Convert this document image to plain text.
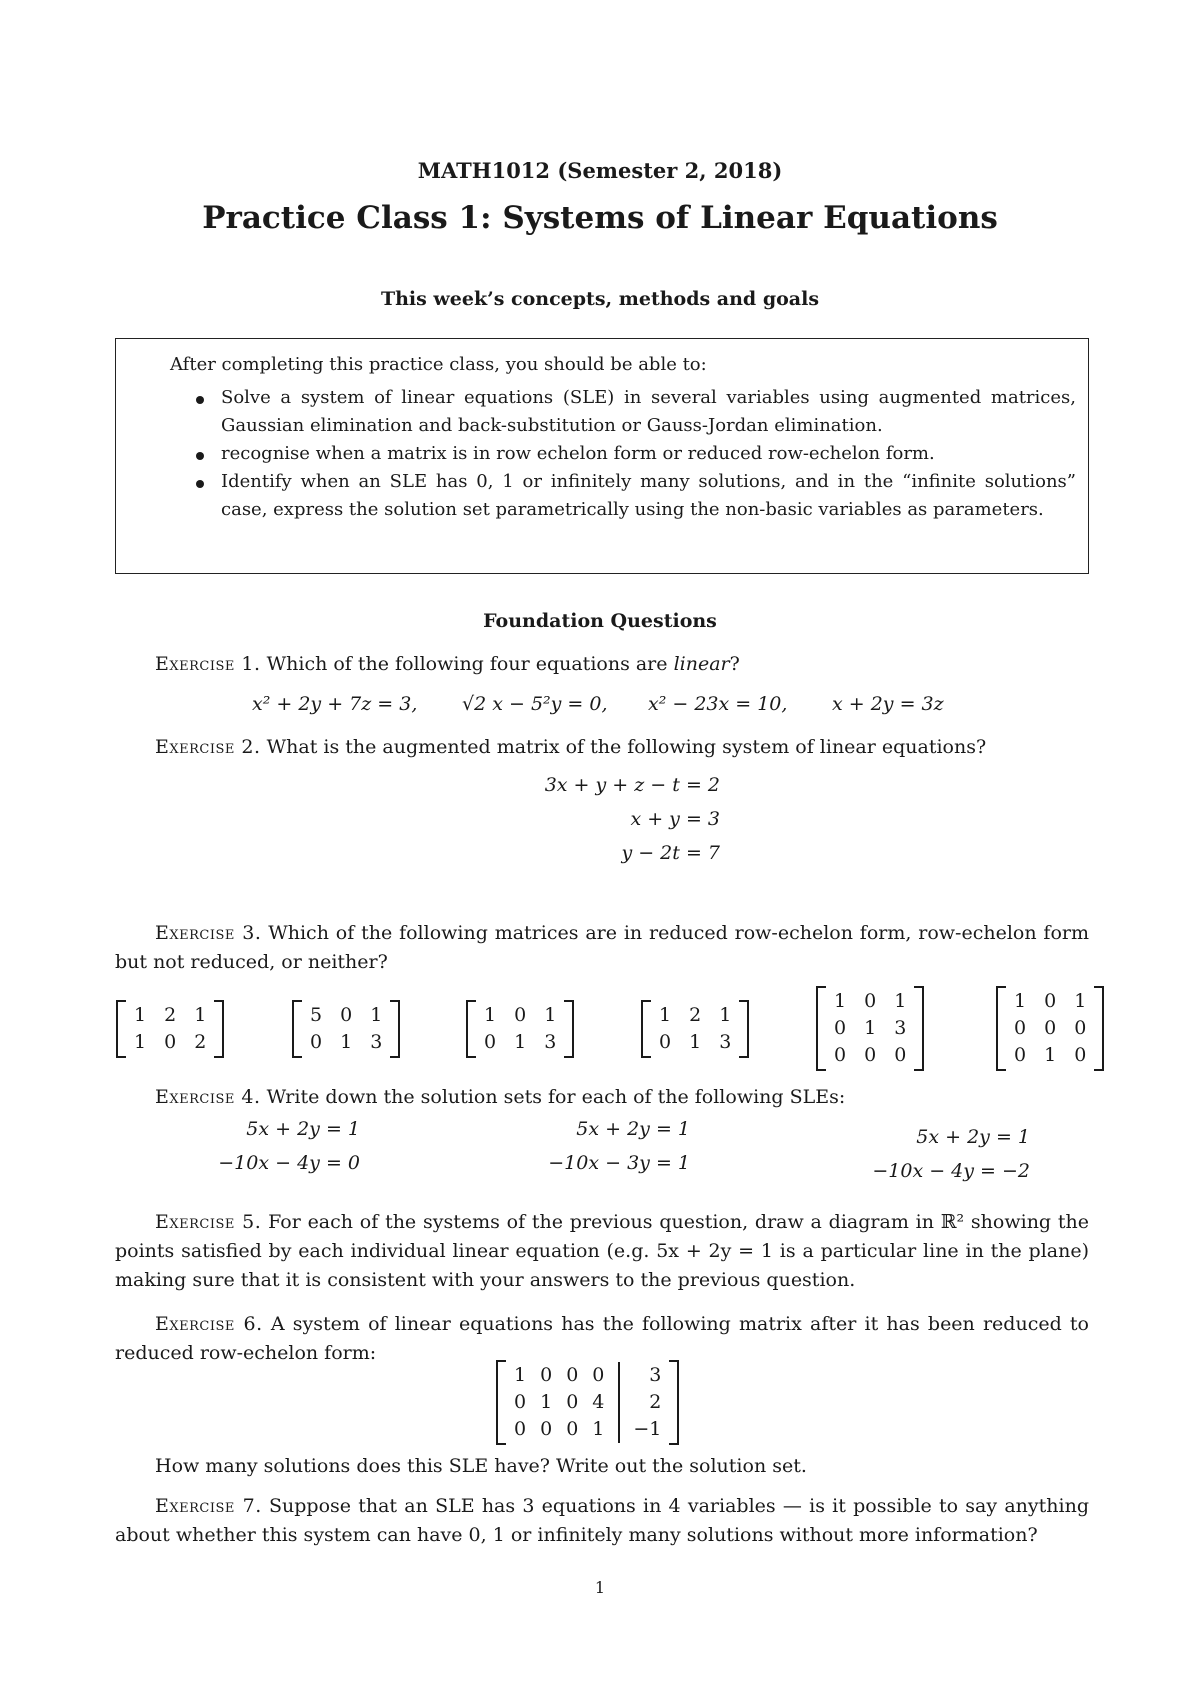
MATH1012 (Semester 2, 2018)
Practice Class 1: Systems of Linear Equations
This week’s concepts, methods and goals
After completing this practice class, you should be able to:
Solve a system of linear equations (SLE) in several variables using augmented matrices, Gaussian elimination and back-substitution or Gauss-Jordan elimination.
recognise when a matrix is in row echelon form or reduced row-echelon form.
Identify when an SLE has 0, 1 or infinitely many solutions, and in the “infinite solutions” case, express the solution set parametrically using the non-basic variables as parameters.
Foundation Questions
Exercise 1. Which of the following four equations are linear?
x² + 2y + 7z = 3, √2 x − 5²y = 0, x² − 23x = 10, x + 2y = 3z
Exercise 2. What is the augmented matrix of the following system of linear equations?
3x + y + z − t = 2
x + y = 3
y − 2t = 7
Exercise 3. Which of the following matrices are in reduced row-echelon form, row-echelon form but not reduced, or neither?
1 2 1
1 0 2
5 0 1
0 1 3
1 0 1
0 1 3
1 2 1
0 1 3
1 0 1
0 1 3
0 0 0
1 0 1
0 0 0
0 1 0
Exercise 4. Write down the solution sets for each of the following SLEs:
5x + 2y = 1
−10x − 4y = 0
5x + 2y = 1
−10x − 3y = 1
5x + 2y = 1
−10x − 4y = −2
Exercise 5. For each of the systems of the previous question, draw a diagram in ℝ² showing the points satisfied by each individual linear equation (e.g. 5x + 2y = 1 is a particular line in the plane) making sure that it is consistent with your answers to the previous question.
Exercise 6. A system of linear equations has the following matrix after it has been reduced to reduced row-echelon form:
1 0 0 0	3
0 1 0 4	2
0 0 0 1 −1
How many solutions does this SLE have? Write out the solution set.
Exercise 7. Suppose that an SLE has 3 equations in 4 variables — is it possible to say anything about whether this system can have 0, 1 or infinitely many solutions without more information?
1
